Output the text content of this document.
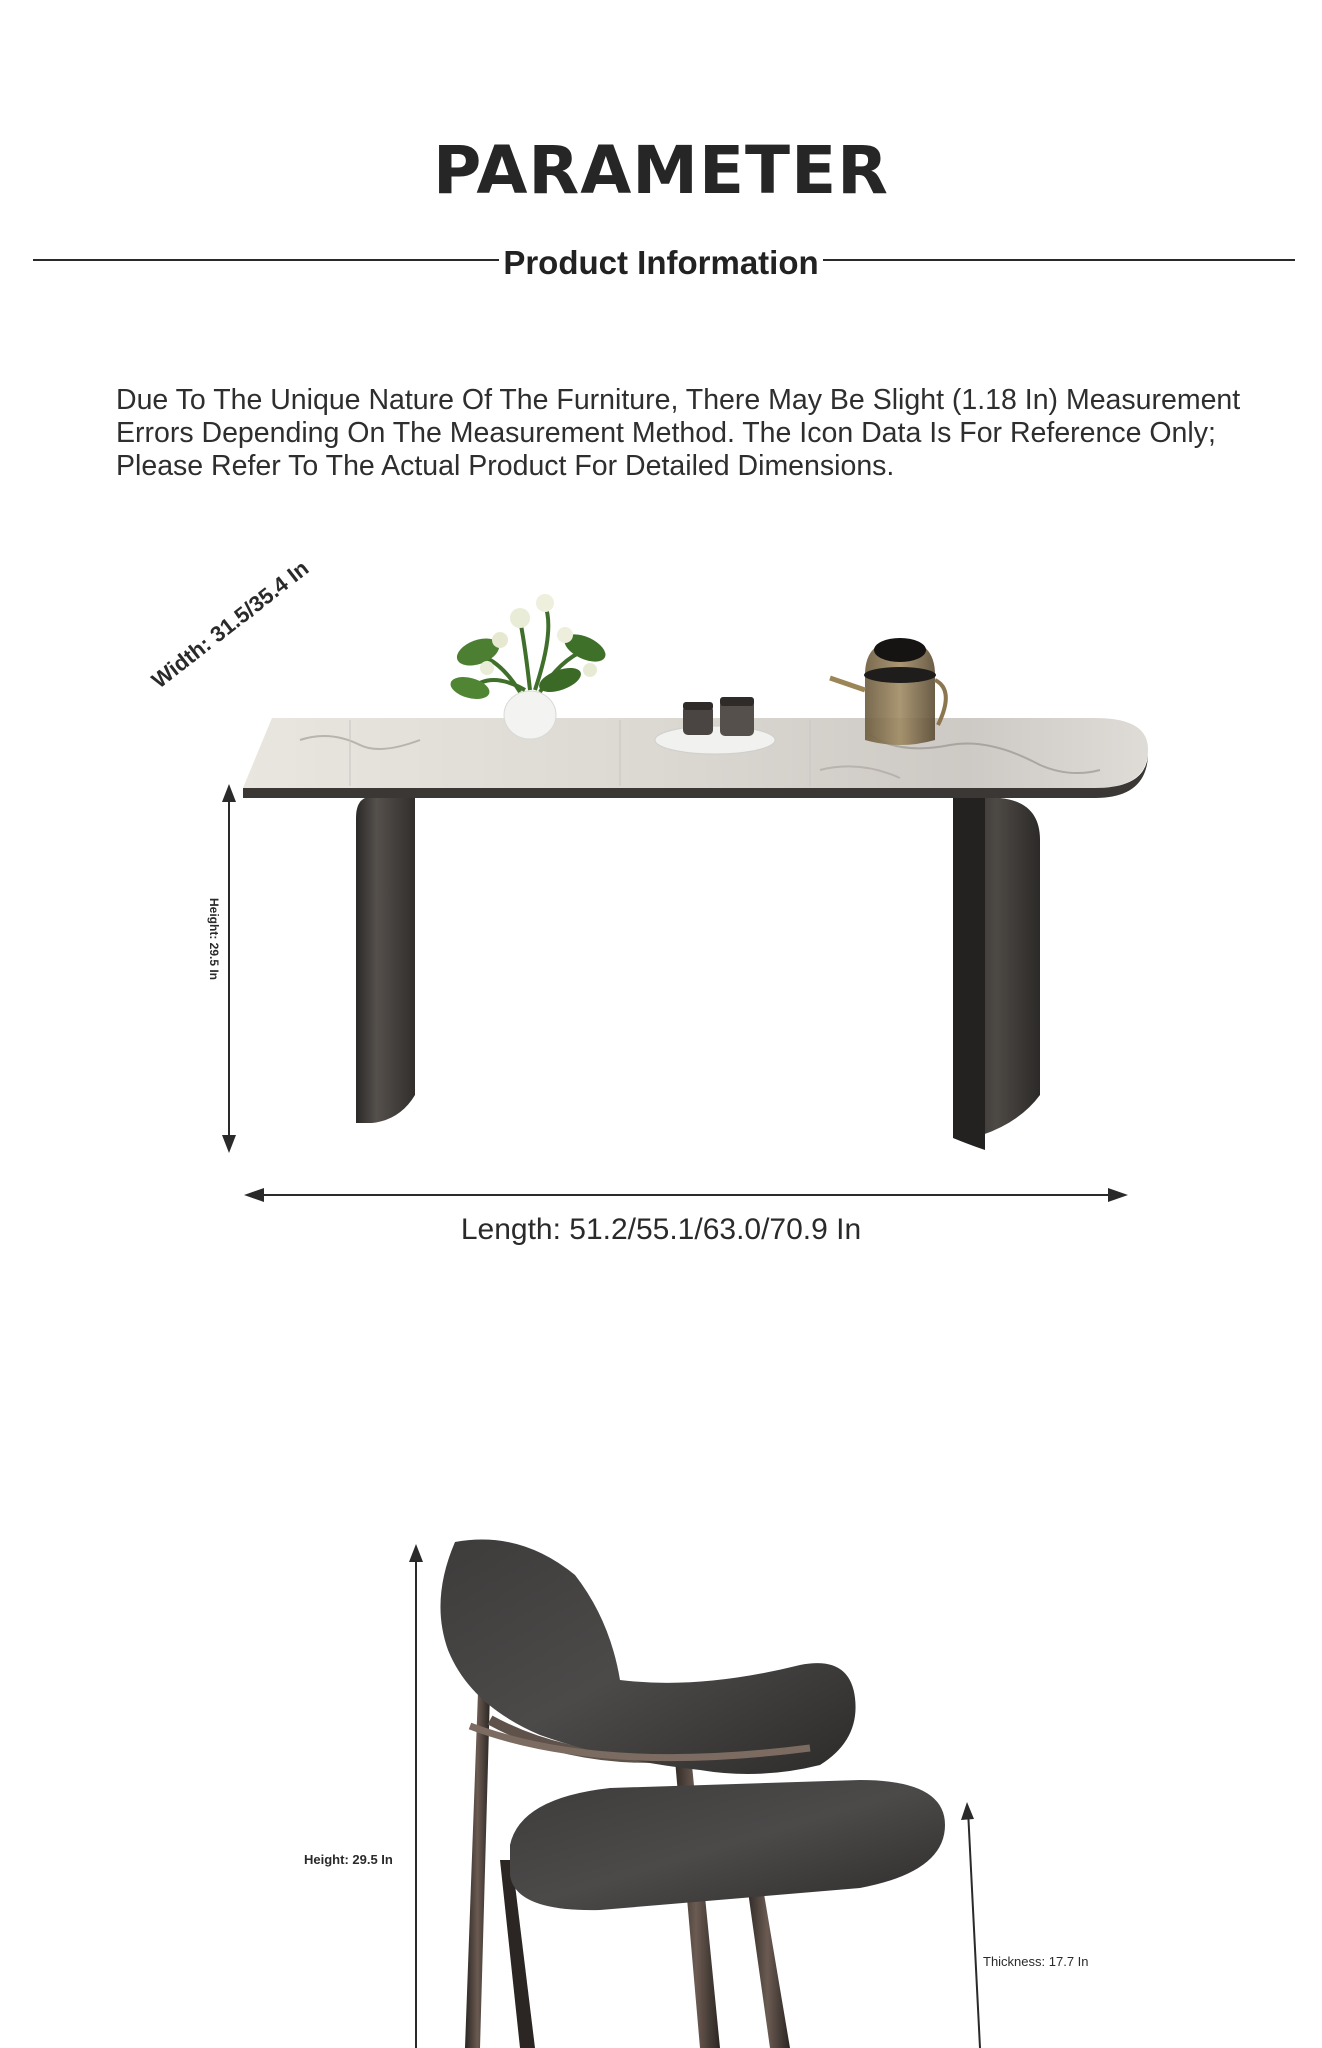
PARAMETER
Product Information
Due To The Unique Nature Of The Furniture, There May Be Slight (1.18 In) Measurement Errors Depending On The Measurement Method. The Icon Data Is For Reference Only; Please Refer To The Actual Product For Detailed Dimensions.
Width: 31.5/35.4 In
Height: 29.5 In
Length: 51.2/55.1/63.0/70.9 In
Height: 29.5 In
Thickness: 17.7 In
